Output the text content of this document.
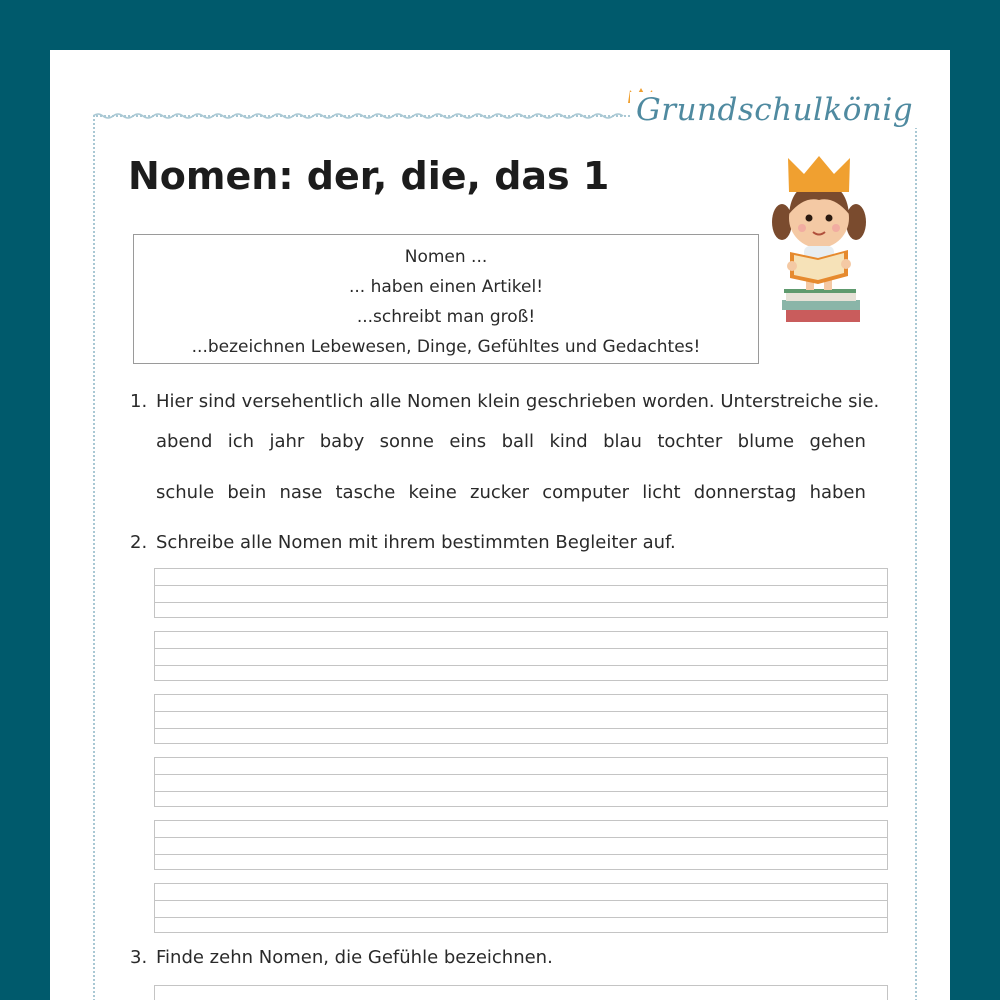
Grundschulkönig
Nomen: der, die, das 1
Nomen ...
... haben einen Artikel!
...schreibt man groß!
...bezeichnen Lebewesen, Dinge, Gefühltes und Gedachtes!
1. Hier sind versehentlich alle Nomen klein geschrieben worden. Unterstreiche sie.
abend ich jahr baby sonne eins ball kind blau tochter blume gehen
schule bein nase tasche keine zucker computer licht donnerstag haben
2. Schreibe alle Nomen mit ihrem bestimmten Begleiter auf.
3. Finde zehn Nomen, die Gefühle bezeichnen.
